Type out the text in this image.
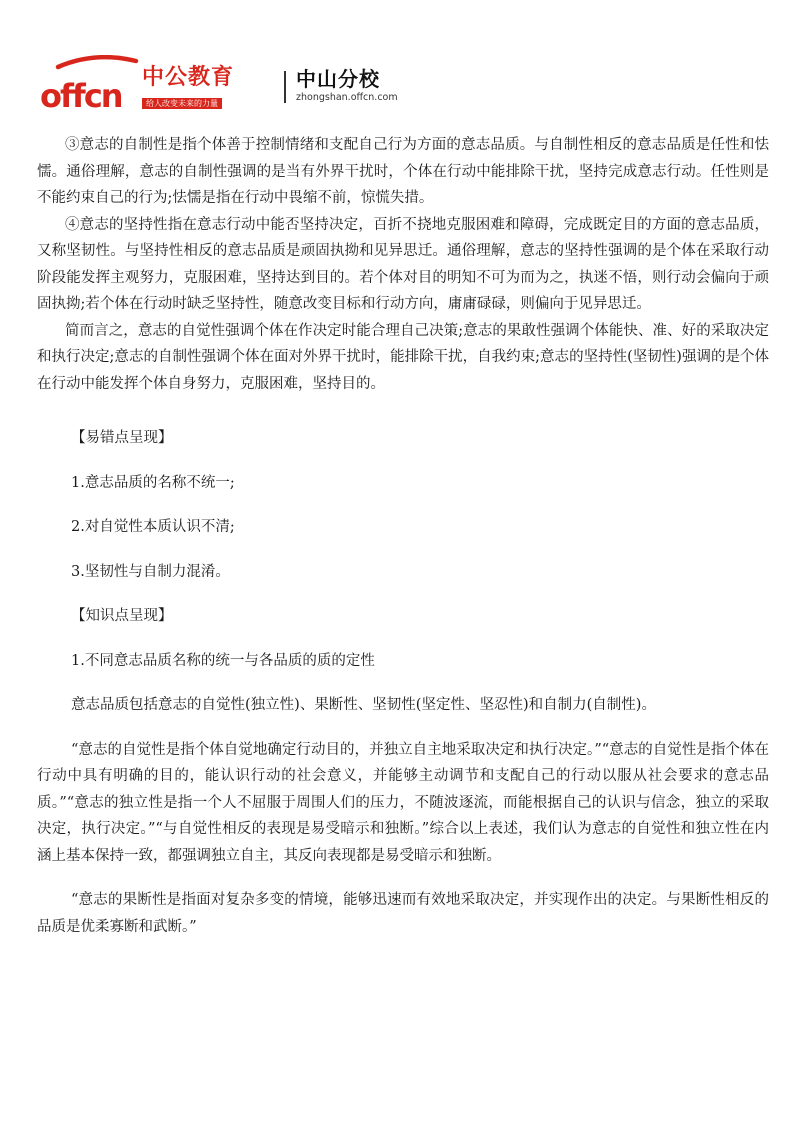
offcn 中公教育
给人改变未来的力量
中山分校
zhongshan.offcn.com

③意志的自制性是指个体善于控制情绪和支配自己行为方面的意志品质。与自制性相反的意志品质是任性和怯懦。通俗理解，意志的自制性强调的是当有外界干扰时，个体在行动中能排除干扰，坚持完成意志行动。任性则是不能约束自己的行为;怯懦是指在行动中畏缩不前，惊慌失措。

④意志的坚持性指在意志行动中能否坚持决定，百折不挠地克服困难和障碍，完成既定目的方面的意志品质，又称坚韧性。与坚持性相反的意志品质是顽固执拗和见异思迁。通俗理解，意志的坚持性强调的是个体在采取行动阶段能发挥主观努力，克服困难，坚持达到目的。若个体对目的明知不可为而为之，执迷不悟，则行动会偏向于顽固执拗;若个体在行动时缺乏坚持性，随意改变目标和行动方向，庸庸碌碌，则偏向于见异思迁。

简而言之，意志的自觉性强调个体在作决定时能合理自己决策;意志的果敢性强调个体能快、准、好的采取决定和执行决定;意志的自制性强调个体在面对外界干扰时，能排除干扰，自我约束;意志的坚持性(坚韧性)强调的是个体在行动中能发挥个体自身努力，克服困难，坚持目的。

【易错点呈现】

1.意志品质的名称不统一;

2.对自觉性本质认识不清;

3.坚韧性与自制力混淆。

【知识点呈现】

1.不同意志品质名称的统一与各品质的质的定性

意志品质包括意志的自觉性(独立性)、果断性、坚韧性(坚定性、坚忍性)和自制力(自制性)。

“意志的自觉性是指个体自觉地确定行动目的，并独立自主地采取决定和执行决定。”“意志的自觉性是指个体在行动中具有明确的目的，能认识行动的社会意义，并能够主动调节和支配自己的行动以服从社会要求的意志品质。”“意志的独立性是指一个人不屈服于周围人们的压力，不随波逐流，而能根据自己的认识与信念，独立的采取决定，执行决定。”“与自觉性相反的表现是易受暗示和独断。”综合以上表述，我们认为意志的自觉性和独立性在内涵上基本保持一致，都强调独立自主，其反向表现都是易受暗示和独断。

“意志的果断性是指面对复杂多变的情境，能够迅速而有效地采取决定，并实现作出的决定。与果断性相反的品质是优柔寡断和武断。”
